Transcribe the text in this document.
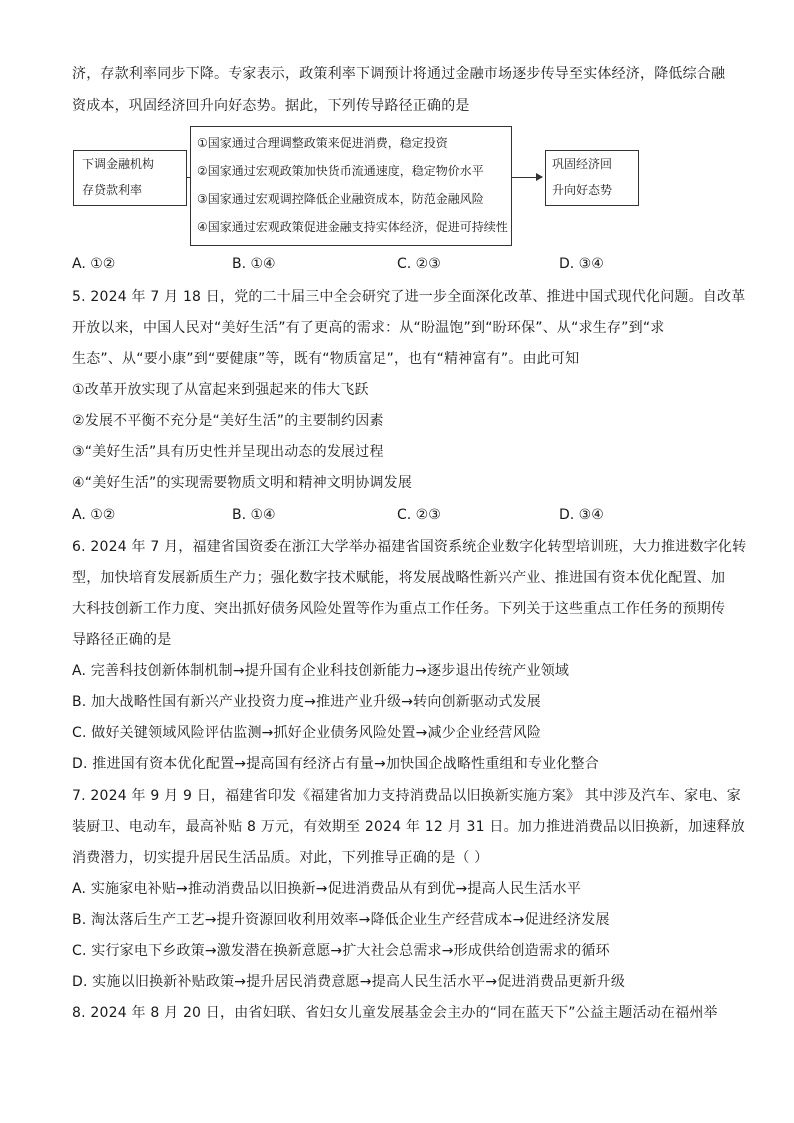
济，存款利率同步下降。专家表示，政策利率下调预计将通过金融市场逐步传导至实体经济，降低综合融
资成本，巩固经济回升向好态势。据此，下列传导路径正确的是
下调金融机构
存贷款利率
①国家通过合理调整政策来促进消费，稳定投资
②国家通过宏观政策加快货币流通速度，稳定物价水平
③国家通过宏观调控降低企业融资成本，防范金融风险
④国家通过宏观政策促进金融支持实体经济，促进可持续性
巩固经济回
升向好态势
A. ①②	B. ①④	C. ②③	D. ③④
5. 2024 年 7 月 18 日，党的二十届三中全会研究了进一步全面深化改革、推进中国式现代化问题。自改革
开放以来，中国人民对“美好生活”有了更高的需求：从“盼温饱”到“盼环保”、从“求生存”到“求
生态”、从“要小康”到“要健康”等，既有“物质富足”，也有“精神富有”。由此可知
①改革开放实现了从富起来到强起来的伟大飞跃
②发展不平衡不充分是“美好生活”的主要制约因素
③“美好生活”具有历史性并呈现出动态的发展过程
④“美好生活”的实现需要物质文明和精神文明协调发展
A. ①②	B. ①④	C. ②③	D. ③④
6. 2024 年 7 月，福建省国资委在浙江大学举办福建省国资系统企业数字化转型培训班，大力推进数字化转
型，加快培育发展新质生产力；强化数字技术赋能，将发展战略性新兴产业、推进国有资本优化配置、加
大科技创新工作力度、突出抓好债务风险处置等作为重点工作任务。下列关于这些重点工作任务的预期传
导路径正确的是
A. 完善科技创新体制机制→提升国有企业科技创新能力→逐步退出传统产业领域
B. 加大战略性国有新兴产业投资力度→推进产业升级→转向创新驱动式发展
C. 做好关键领域风险评估监测→抓好企业债务风险处置→减少企业经营风险
D. 推进国有资本优化配置→提高国有经济占有量→加快国企战略性重组和专业化整合
7. 2024 年 9 月 9 日，福建省印发《福建省加力支持消费品以旧换新实施方案》 其中涉及汽车、家电、家
装厨卫、电动车，最高补贴 8 万元，有效期至 2024 年 12 月 31 日。加力推进消费品以旧换新，加速释放
消费潜力，切实提升居民生活品质。对此，下列推导正确的是（ ）
A. 实施家电补贴→推动消费品以旧换新→促进消费品从有到优→提高人民生活水平
B. 淘汰落后生产工艺→提升资源回收利用效率→降低企业生产经营成本→促进经济发展
C. 实行家电下乡政策→激发潜在换新意愿→扩大社会总需求→形成供给创造需求的循环
D. 实施以旧换新补贴政策→提升居民消费意愿→提高人民生活水平→促进消费品更新升级
8. 2024 年 8 月 20 日，由省妇联、省妇女儿童发展基金会主办的“同在蓝天下”公益主题活动在福州举
